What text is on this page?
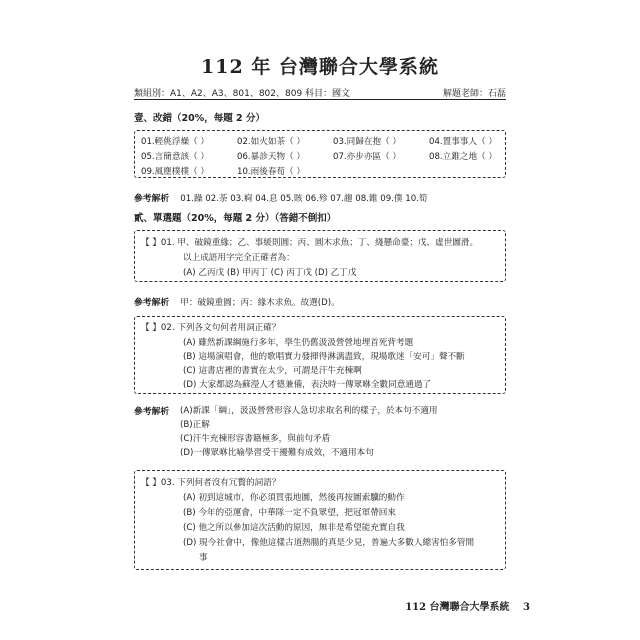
112 年 台灣聯合大學系統
類組別：A1、A2、A3、801、802、809 科目：國文	解題老師：石磊
壹、改錯（20%，每題 2 分）
01.輕佻浮燥（ ）	02.如火如茶（ ）	03.同歸在抱（ ）	04.置事事人（ ）
05.言簡意該（ ）	06.暴診天物（ ）	07.亦步亦區（ ）	08.立錐之地（ ）
09.風塵樸樸（ ）	10.雨後春荀（ ）
參考解析 01.躁 02.荼 03.痾 04.息 05.賅 06.殄 07.趨 08.錐 09.僕 10.筍
貳、單選題（20%，每題 2 分）（答錯不倒扣）
【 】01. 甲、破鏡重緣；乙、事緩則圓；丙、圓木求魚；丁、綫懸命臺；戊、虛世圖滑。
以上成語用字完全正確者為：
(A) 乙丙戊 (B) 甲丙丁 (C) 丙丁戊 (D) 乙丁戊
參考解析 甲：破鏡重圓；丙：緣木求魚。故選(D)。
【 】02. 下列各文句何者用詞正確？
(A) 雖然新課綱施行多年，學生仍舊汲汲營營地埋首死背考題
(B) 這場演唱會，他的歌唱實力發揮得淋漓盡致，現場歌迷「安可」聲不斷
(C) 這書店裡的書實在太少，可謂是汗牛充棟啊
(D) 大家都認為蘇瀅人才德兼備，表決時一傳眾咻全數同意通過了
參考解析 (A)新課「綱」，汲汲營營形容人急切求取名利的樣子，於本句不適用
(B)正解
(C)汗牛充棟形容書籍極多，與前句矛盾
(D)一傳眾咻比喻學習受干擾難有成效，不適用本句
【 】03. 下列何者沒有冗贅的詞語？
(A) 初到這城市，你必須買張地圖，然後再按圖索驥的動作
(B) 今年的亞運會，中華隊一定不負眾望，把冠軍帶回來
(C) 他之所以參加這次活動的原因，無非是希望能充實自我
(D) 現今社會中，像他這樣古道熱腸的真是少見，普遍大多數人總害怕多管閒
事
112 台灣聯合大學系統 3
